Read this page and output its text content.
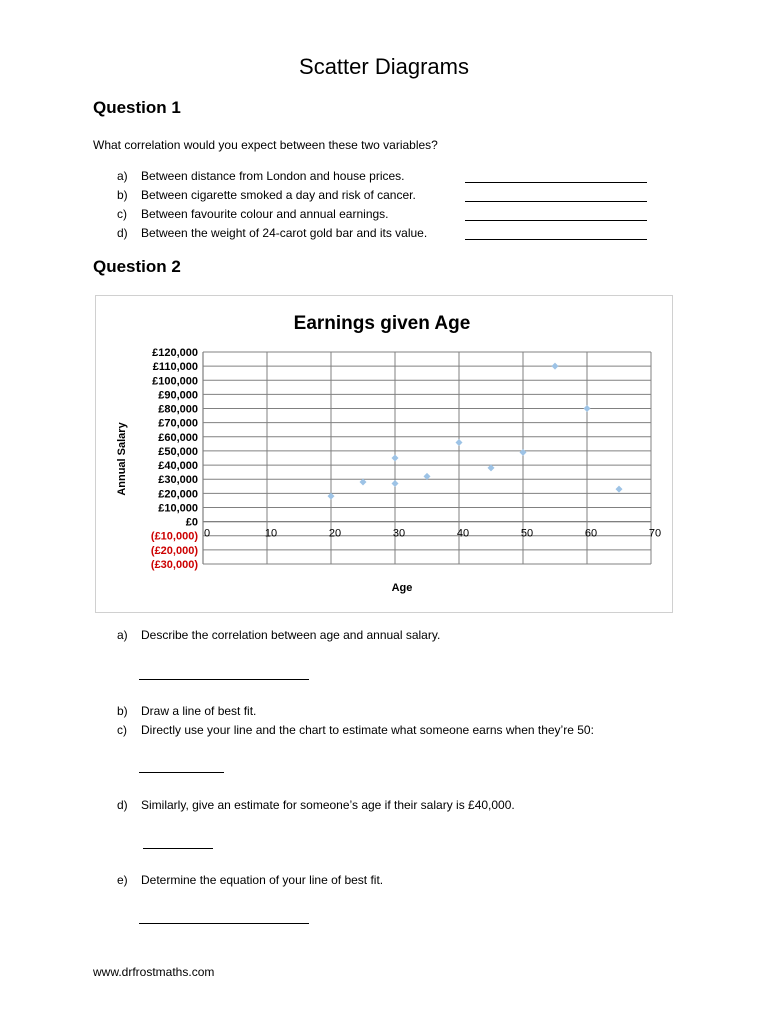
Scatter Diagrams
Question 1
What correlation would you expect between these two variables?
a) Between distance from London and house prices.
b) Between cigarette smoked a day and risk of cancer.
c) Between favourite colour and annual earnings.
d) Between the weight of 24-carot gold bar and its value.
Question 2
Earnings given Age
£120,000
£110,000
£100,000
£90,000
£80,000
£70,000
£60,000
£50,000
£40,000
£30,000
£20,000
£10,000
£0
(£10,000)
(£20,000)
(£30,000)
0	10	20	30	40	50	60	70
Annual Salary
Age
a) Describe the correlation between age and annual salary.
b) Draw a line of best fit.
c) Directly use your line and the chart to estimate what someone earns when they’re 50:
d) Similarly, give an estimate for someone’s age if their salary is £40,000.
e) Determine the equation of your line of best fit.
www.drfrostmaths.com
